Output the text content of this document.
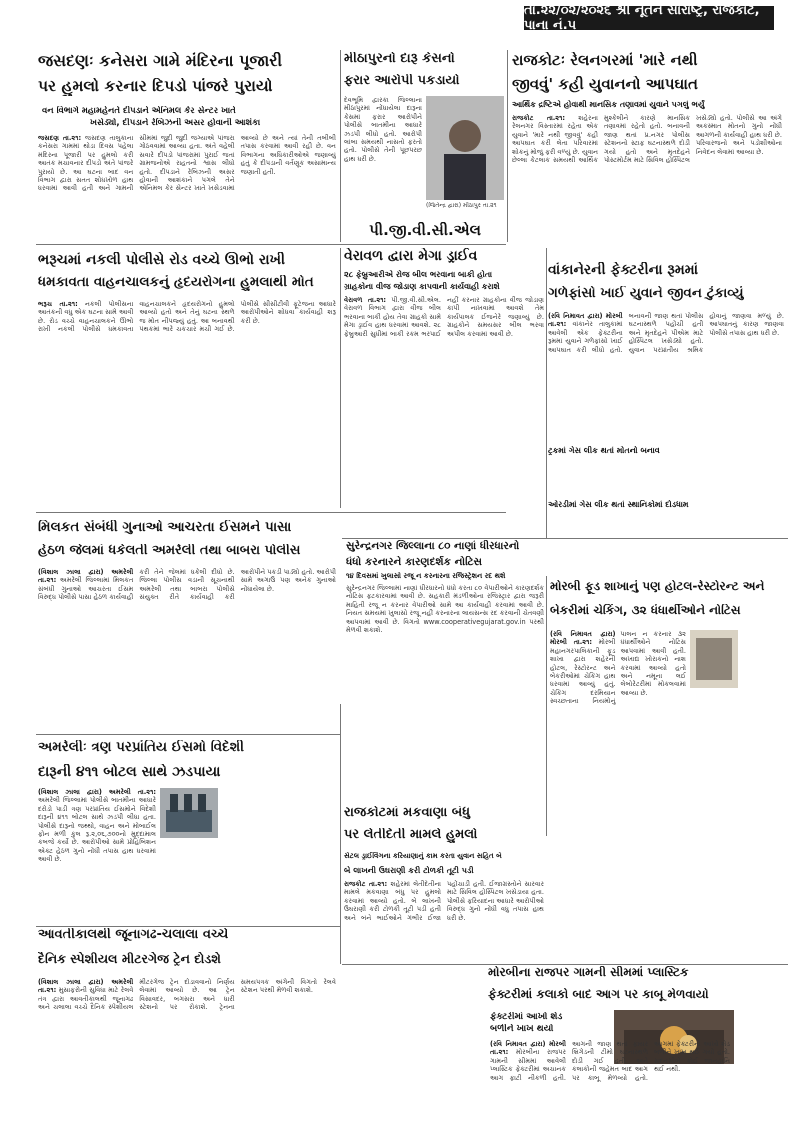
તા.૨૨/૦૨/૨૦૨૬ શ્રી નૂતન સૌરાષ્ટ્ર, રાજકોટ, પાના નં.૫
જસદણઃ કનેસરા ગામે મંદિરના પૂજારી
પર હુમલો કરનાર દિપડો પાંજરે પુરાયો
વન વિભાગે મહામહેનતે દીપડાને એનિમલ કેર સેન્ટર ખાતે
ખસેડ્યો, દીપડાને રેબિઝની અસર હોવાની આશંકા
જસદણ તા.૨૧: જસદણ તાલુકાના કનેસરા ગામમાં થોડા દિવસ પહેલા મંદિરના પૂજારી પર હુમલો કરી આતંક મચાવનાર દીપડો અંતે પાંજરે પુરાયો છે. આ ઘટના બાદ વન વિભાગ દ્વારા સતત શોધખોળ હાથ ધરવામાં આવી હતી અને ગામની સીમમાં જુદી જુદી જગ્યાએ પાંજરા ગોઠવવામાં આવ્યા હતા. અંતે વહેલી સવારે દીપડો પાંજરામાં પુરાઈ જતાં ગ્રામજનોએ રાહતનો શ્વાસ લીધો હતો. દીપડાને રેબિઝની અસર હોવાની આશંકાને પગલે તેને એનિમલ કેર સેન્ટર ખાતે ખસેડવામાં આવ્યો છે અને ત્યાં તેની તબીબી તપાસ કરવામાં આવી રહી છે. વન વિભાગના અધિકારીઓએ જણાવ્યું હતું કે દીપડાની વર્તણૂક અસામાન્ય જણાતી હતી.
મીઠાપુરનો દારૂ કેસનો
ફરાર આરોપી પકડાયો
દેવભૂમિ દ્વારકા જિલ્લાના મીઠાપુરમાં નોંધાયેલા દારૂના કેસમાં ફરાર આરોપીને પોલીસે બાતમીના આધારે ઝડપી લીધો હતો. આરોપી લાંબા સમયથી નાસતો ફરતો હતો. પોલીસે તેની પૂછપરછ હાથ ધરી છે.
(જિતેન્દ્ર દ્વારા) મીઠાપુર તા.૨૧
રાજકોટઃ રેલનગરમાં 'મારે નથી
જીવવું' કહી યુવાનનો આપઘાત
આર્થિક દ્રષ્ટિએ હોવાથી માનસિક તણાવમાં યુવાને પગલું ભર્યું
રાજકોટ તા.૨૧: શહેરના રેલનગર વિસ્તારમાં રહેતા એક યુવાને 'મારે નથી જીવવું' કહી આપઘાત કરી લેતા પરિવારમાં શોકનું મોજું ફરી વળ્યું છે. યુવાન છેલ્લા કેટલાક સમયથી આર્થિક મુશ્કેલીને કારણે માનસિક તણાવમાં રહેતો હતો. બનાવની જાણ થતાં પ્ર.નગર પોલીસ સ્ટેશનનો સ્ટાફ ઘટનાસ્થળે દોડી ગયો હતો અને મૃતદેહને પોસ્ટમોર્ટમ માટે સિવિલ હોસ્પિટલ ખસેડ્યો હતો. પોલીસે આ અંગે અકસ્માત મોતનો ગુનો નોંધી આગળની કાર્યવાહી હાથ ધરી છે. પરિવારજનો અને પડોશીઓના નિવેદન લેવામાં આવ્યા છે.
પી.જી.વી.સી.એલ
વેરાવળ દ્વારા મેગા ડ્રાઈવ
૨૮ ફેબ્રુઆરીએ રોજ બીલ ભરવાના બાકી હોતા
ગ્રાહકોના વીજ જોડાણ કાપવાની કાર્યવાહી કરાશે
વેરાવળ તા.૨૧: પી.જી.વી.સી.એલ. વેરાવળ વિભાગ દ્વારા વીજ બીલ ભરવાના બાકી હોય તેવા ગ્રાહકો સામે મેગા ડ્રાઈવ હાથ ધરવામાં આવશે. ૨૮ ફેબ્રુઆરી સુધીમાં બાકી રકમ ભરપાઈ નહીં કરનાર ગ્રાહકોના વીજ જોડાણ કાપી નાખવામાં આવશે તેમ કાર્યપાલક ઈજનેરે જણાવ્યું છે. ગ્રાહકોને સમયસર બીલ ભરવા અપીલ કરવામાં આવી છે.
ભરૂચમાં નકલી પોલીસે રોડ વચ્ચે ઊભો રાખી
ધમકાવતા વાહનચાલકનું હૃદયરોગના હુમલાથી મોત
ભરૂચ તા.૨૧: નકલી પોલીસના આતંકની વધુ એક ઘટના સામે આવી છે. રોડ વચ્ચે વાહનચાલકને ઊભો રાખી નકલી પોલીસે ધમકાવતા વાહનચાલકને હૃદયરોગનો હુમલો આવ્યો હતો અને તેનું ઘટના સ્થળે જ મોત નીપજ્યું હતું. આ બનાવથી પંથકમાં ભારે ચકચાર મચી ગઈ છે. પોલીસે સીસીટીવી ફૂટેજના આધારે આરોપીઓને શોધવા કાર્યવાહી શરૂ કરી છે.
વાંકાનેરની ફેક્ટરીના રૂમમાં
ગળેફાંસો ખાઈ યુવાને જીવન ટુંકાવ્યું
(રવિ નિમાવત દ્વારા) મોરબી તા.૨૧: વાંકાનેર તાલુકામાં આવેલી એક ફેક્ટરીના રૂમમાં યુવાને ગળેફાંસો ખાઈ આપઘાત કરી લીધો હતો. બનાવની જાણ થતાં પોલીસ ઘટનાસ્થળે પહોંચી હતી અને મૃતદેહને પીએમ માટે હોસ્પિટલ ખસેડ્યો હતો. યુવાન પરપ્રાંતીય શ્રમિક હોવાનું જાણવા મળ્યું છે. આપઘાતનું કારણ જાણવા પોલીસે તપાસ હાથ ધરી છે.
ટ્રકમાં ગેસ લીક થતાં મોતનો બનાવ
ઓરડીમાં ગેસ લીક થતાં સ્થાનિકોમાં દોડધામ
મિલકત સંબંધી ગુનાઓ આચરતા ઈસમને પાસા
હેઠળ જેલમાં ધકેલતી અમરેલી તથા બાબરા પોલીસ
(વિશાલ ઝાલા દ્વારા) અમરેલી તા.૨૧: અમરેલી જિલ્લામાં મિલકત સંબંધી ગુનાઓ આચરતા ઈસમ વિરુદ્ધ પોલીસે પાસા હેઠળ કાર્યવાહી કરી તેને જેલમાં ધકેલી દીધો છે. જિલ્લા પોલીસ વડાની સૂચનાથી અમરેલી તથા બાબરા પોલીસે સંયુક્ત રીતે કાર્યવાહી કરી આરોપીને પકડી પાડ્યો હતો. આરોપી સામે અગાઉ પણ અનેક ગુનાઓ નોંધાયેલા છે.
સુરેન્દ્રનગર જિલ્લાના ૮૦ નાણાં ધીરધારનો
ધંધો કરનારને કારણદર્શક નોટિસ
૧૪ દિવસમાં ખુલાસો રજૂ ન કરનારના રજિસ્ટ્રેશન રદ થશે
સુરેન્દ્રનગર જિલ્લામાં નાણાં ધીરધારનો ધંધો કરતા ૮૦ વેપારીઓને કારણદર્શક નોટિસ ફટકારવામાં આવી છે. સહકારી મંડળીઓના રજિસ્ટ્રાર દ્વારા જરૂરી માહિતી રજૂ ન કરનાર વેપારીઓ સામે આ કાર્યવાહી કરવામાં આવી છે. નિયત સમયમાં ખુલાસો રજૂ નહીં કરનારના લાયસન્સ રદ કરવાની ચેતવણી આપવામાં આવી છે. વિગતો www.cooperativegujarat.gov.in પરથી મેળવી શકાશે.
મોરબી ફૂડ શાખાનું પણ હોટલ-રેસ્ટોરન્ટ અને
બેકરીમાં ચેકિંગ, ૩૨ ધંધાર્થીઓને નોટિસ
(રવિ નિમાવત દ્વારા) મોરબી તા.૨૧: મોરબી મહાનગરપાલિકાની ફૂડ શાખા દ્વારા શહેરની હોટલ, રેસ્ટોરન્ટ અને બેકરીઓમાં ચેકિંગ હાથ ધરવામાં આવ્યું હતું. ચેકિંગ દરમિયાન સ્વચ્છતાના નિયમોનું પાલન ન કરનાર ૩૨ ધંધાર્થીઓને નોટિસ આપવામાં આવી હતી. અખાદ્ય ખોરાકનો નાશ કરવામાં આવ્યો હતો અને નમૂના લઈ લેબોરેટરીમાં મોકલવામાં આવ્યા છે.
અમરેલીઃ ત્રણ પરપ્રાંતિય ઈસમો વિદેશી
દારૂની ૪૧૧ બોટલ સાથે ઝડપાયા
(વિશાલ ઝાલા દ્વારા) અમરેલી તા.૨૧: અમરેલી જિલ્લામાં પોલીસે બાતમીના આધારે દરોડો પાડી ત્રણ પરપ્રાંતિય ઈસમોને વિદેશી દારૂની ૪૧૧ બોટલ સાથે ઝડપી લીધા હતા. પોલીસે દારૂનો જથ્થો, વાહન અને મોબાઈલ ફોન મળી કુલ રૂ.૨,૦૬,૭૦૦નો મુદ્દામાલ કબજે કર્યો છે. આરોપીઓ સામે પ્રોહિબિશન એક્ટ હેઠળ ગુનો નોંધી તપાસ હાથ ધરવામાં આવી છે.
રાજકોટમાં મકવાણા બંધુ
પર લેતીદેતી મામલે હુમલો
સેટલ ડ્રાઈવિંગના કરિયાણાનું કામ કરતા યુવાન સહિત બે
બે લાખની ઉઘરાણી કરી ટોળકી તૂટી પડી
રાજકોટ તા.૨૧: શહેરમાં લેતીદેતીના મામલે મકવાણા બંધુ પર હુમલો કરવામાં આવ્યો હતો. બે લાખની ઉઘરાણી કરી ટોળકી તૂટી પડી હતી અને બંને ભાઈઓને ગંભીર ઈજા પહોંચાડી હતી. ઈજાગ્રસ્તોને સારવાર માટે સિવિલ હોસ્પિટલ ખસેડાયા હતા. પોલીસે ફરિયાદના આધારે આરોપીઓ વિરુદ્ધ ગુનો નોંધી વધુ તપાસ હાથ ધરી છે.
મોરબીના રાજપર ગામની સીમમાં પ્લાસ્ટિક
ફેક્ટરીમાં કલાકો બાદ આગ પર કાબૂ મેળવાયો
ફેક્ટરીમાં આખો શેડ
બળીને ખાખ થયો
(રવિ નિમાવત દ્વારા) મોરબી તા.૨૧: મોરબીના રાજપર ગામની સીમમાં આવેલી પ્લાસ્ટિક ફેક્ટરીમાં અચાનક આગ ફાટી નીકળી હતી. આગની જાણ થતાં ફાયર બ્રિગેડની ટીમો ઘટનાસ્થળે દોડી ગઈ હતી અને કલાકોની જહેમત બાદ આગ પર કાબૂ મેળવ્યો હતો. આગમાં ફેક્ટરીનો આખો શેડ બળીને ખાખ થઈ ગયો હતો. સદનસીબે કોઈ જાનહાનિ થઈ નથી.
આવતીકાલથી જૂનાગઢ-ચલાલા વચ્ચે
દૈનિક સ્પેશીયલ મીટરગેજ ટ્રેન દોડશે
(વિશાલ ઝાલા દ્વારા) અમરેલી તા.૨૧: મુસાફરોની સુવિધા માટે રેલવે તંત્ર દ્વારા આવતીકાલથી જૂનાગઢ અને ચલાલા વચ્ચે દૈનિક સ્પેશીયલ મીટરગેજ ટ્રેન દોડાવવાનો નિર્ણય લેવામાં આવ્યો છે. આ ટ્રેન વિસાવદર, બગસરા અને ધારી સ્ટેશનો પર રોકાશે. ટ્રેનના સમયપત્રક અંગેની વિગતો રેલવે સ્ટેશન પરથી મેળવી શકાશે.
